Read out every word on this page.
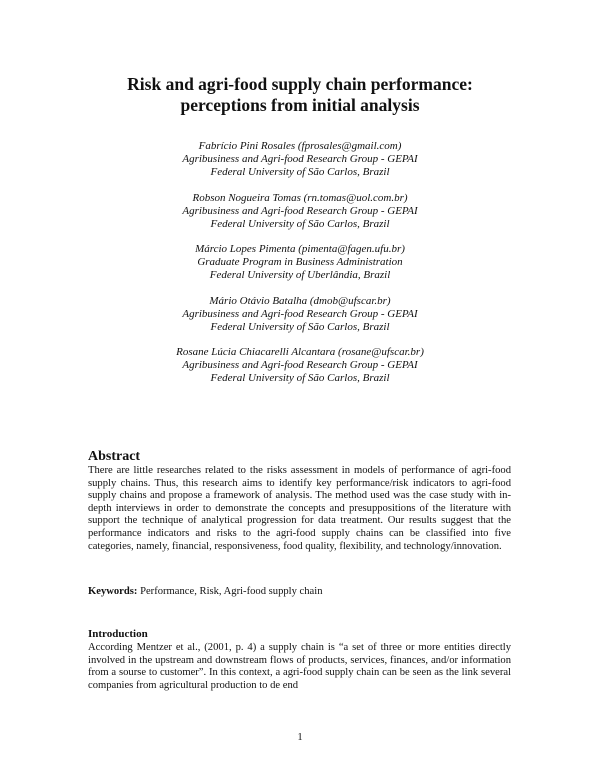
Risk and agri-food supply chain performance:
perceptions from initial analysis
Fabrício Pini Rosales (fprosales@gmail.com)
Agribusiness and Agri-food Research Group - GEPAI
Federal University of São Carlos, Brazil
Robson Nogueira Tomas (rn.tomas@uol.com.br)
Agribusiness and Agri-food Research Group - GEPAI
Federal University of São Carlos, Brazil
Márcio Lopes Pimenta (pimenta@fagen.ufu.br)
Graduate Program in Business Administration
Federal University of Uberlândia, Brazil
Mário Otávio Batalha (dmob@ufscar.br)
Agribusiness and Agri-food Research Group - GEPAI
Federal University of São Carlos, Brazil
Rosane Lúcia Chiacarelli Alcantara (rosane@ufscar.br)
Agribusiness and Agri-food Research Group - GEPAI
Federal University of São Carlos, Brazil
Abstract
There are little researches related to the risks assessment in models of performance of agri-food supply chains. Thus, this research aims to identify key performance/risk indicators to agri-food supply chains and propose a framework of analysis. The method used was the case study with in-depth interviews in order to demonstrate the concepts and presuppositions of the literature with support the technique of analytical progression for data treatment. Our results suggest that the performance indicators and risks to the agri-food supply chains can be classified into five categories, namely, financial, responsiveness, food quality, flexibility, and technology/innovation.
Keywords: Performance, Risk, Agri-food supply chain
Introduction
According Mentzer et al., (2001, p. 4) a supply chain is “a set of three or more entities directly involved in the upstream and downstream flows of products, services, finances, and/or information from a sourse to customer”. In this context, a agri-food supply chain can be seen as the link several companies from agricultural production to de end
1
